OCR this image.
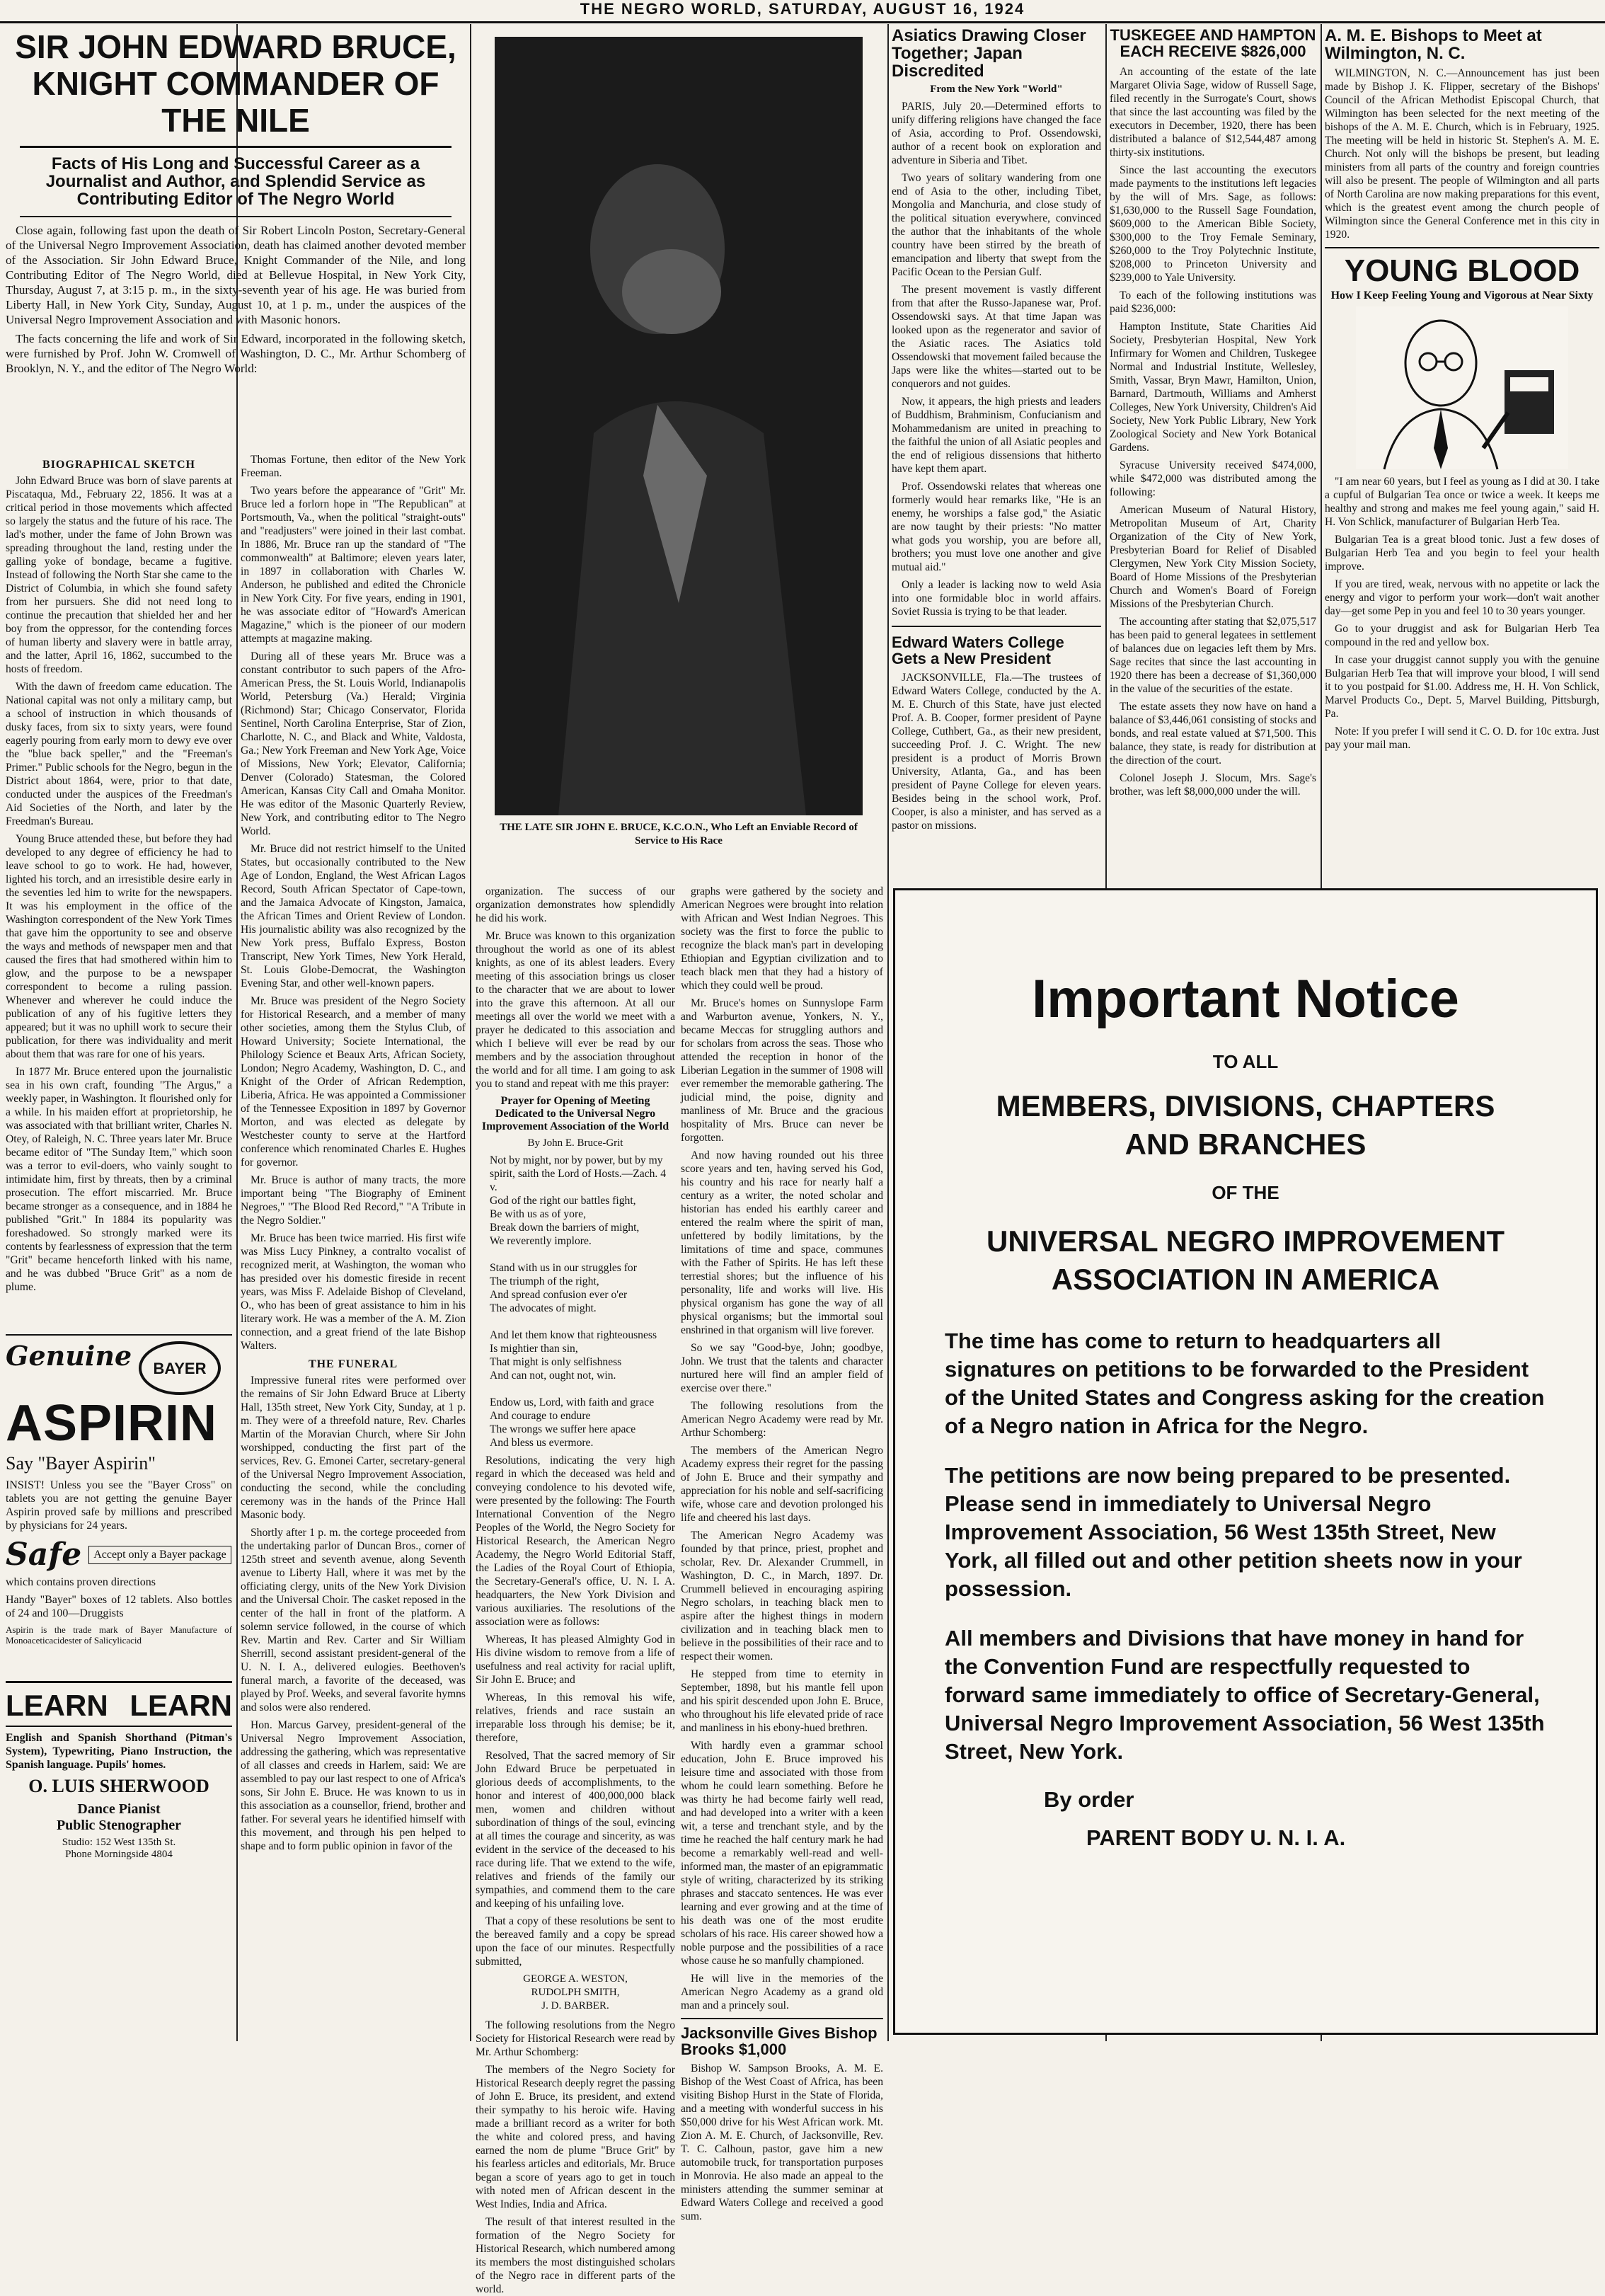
THE NEGRO WORLD, SATURDAY, AUGUST 16, 1924
SIR JOHN EDWARD BRUCE, KNIGHT COMMANDER OF THE NILE
Facts of His Long and Successful Career as a Journalist and Author, and Splendid Service as Contributing Editor of The Negro World

Close again, following fast upon the death of Sir Robert Lincoln Poston, Secretary-General of the Universal Negro Improvement Association, death has claimed another devoted member of the Association. Sir John Edward Bruce, Knight Commander of the Nile, and long Contributing Editor of The Negro World, died at Bellevue Hospital, in New York City, Thursday, August 7, at 3:15 p. m., in the sixty-seventh year of his age. He was buried from Liberty Hall, in New York City, Sunday, August 10, at 1 p. m., under the auspices of the Universal Negro Improvement Association and with Masonic honors.

The facts concerning the life and work of Sir Edward, incorporated in the following sketch, were furnished by Prof. John W. Cromwell of Washington, D. C., Mr. Arthur Schomberg of Brooklyn, N. Y., and the editor of The Negro World:

BIOGRAPHICAL SKETCH

John Edward Bruce was born of slave parents at Piscataqua, Md., February 22, 1856. It was at a critical period in those movements which affected so largely the status and the future of his race. The lad's mother, under the fame of John Brown was spreading throughout the land, resting under the galling yoke of bondage, became a fugitive. Instead of following the North Star she came to the District of Columbia, in which she found safety from her pursuers. She did not need long to continue the precaution that shielded her and her boy from the oppressor, for the contending forces of human liberty and slavery were in battle array, and the latter, April 16, 1862, succumbed to the hosts of freedom.

With the dawn of freedom came education. The National capital was not only a military camp, but a school of instruction in which thousands of dusky faces, from six to sixty years, were found eagerly pouring from early morn to dewy eve over the "blue back speller," and the "Freeman's Primer." Public schools for the Negro, begun in the District about 1864, were, prior to that date, conducted under the auspices of the Freedman's Aid Societies of the North, and later by the Freedman's Bureau.

Young Bruce attended these, but before they had developed to any degree of efficiency he had to leave school to go to work. He had, however, lighted his torch, and an irresistible desire early in the seventies led him to write for the newspapers. It was his employment in the office of the Washington correspondent of the New York Times that gave him the opportunity to see and observe the ways and methods of newspaper men and that caused the fires that had smothered within him to glow, and the purpose to be a newspaper correspondent to become a ruling passion. Whenever and wherever he could induce the publication of any of his fugitive letters they appeared; but it was no uphill work to secure their publication, for there was individuality and merit about them that was rare for one of his years.

In 1877 Mr. Bruce entered upon the journalistic sea in his own craft, founding "The Argus," a weekly paper, in Washington. It flourished only for a while. In his maiden effort at proprietorship, he was associated with that brilliant writer, Charles N. Otey, of Raleigh, N. C. Three years later Mr. Bruce became editor of "The Sunday Item," which soon was a terror to evil-doers, who vainly sought to intimidate him, first by threats, then by a criminal prosecution. The effort miscarried. Mr. Bruce became stronger as a consequence, and in 1884 he published "Grit." In 1884 its popularity was foreshadowed. So strongly marked were its contents by fearlessness of expression that the term "Grit" became henceforth linked with his name, and he was dubbed "Bruce Grit" as a nom de plume.

Genuine BAYER
ASPIRIN
Say "Bayer Aspirin"

INSIST! Unless you see the "Bayer Cross" on tablets you are not getting the genuine Bayer Aspirin proved safe by millions and prescribed by physicians for 24 years.

Safe	Accept only a Bayer package

which contains proven directions

Handy "Bayer" boxes of 12 tablets. Also bottles of 24 and 100—Druggists

Aspirin is the trade mark of Bayer Manufacture of Monoaceticacidester of Salicylicacid

LEARN LEARN

English and Spanish Shorthand (Pitman's System), Typewriting, Piano Instruction, the Spanish language. Pupils' homes.

O. LUIS SHERWOOD
Dance Pianist
Public Stenographer
Studio: 152 West 135th St.
Phone Morningside 4804

Thomas Fortune, then editor of the New York Freeman.

Two years before the appearance of "Grit" Mr. Bruce led a forlorn hope in "The Republican" at Portsmouth, Va., when the political "straight-outs" and "readjusters" were joined in their last combat. In 1886, Mr. Bruce ran up the standard of "The commonwealth" at Baltimore; eleven years later, in 1897 in collaboration with Charles W. Anderson, he published and edited the Chronicle in New York City. For five years, ending in 1901, he was associate editor of "Howard's American Magazine," which is the pioneer of our modern attempts at magazine making.

During all of these years Mr. Bruce was a constant contributor to such papers of the Afro-American Press, the St. Louis World, Indianapolis World, Petersburg (Va.) Herald; Virginia (Richmond) Star; Chicago Conservator, Florida Sentinel, North Carolina Enterprise, Star of Zion, Charlotte, N. C., and Black and White, Valdosta, Ga.; New York Freeman and New York Age, Voice of Missions, New York; Elevator, California; Denver (Colorado) Statesman, the Colored American, Kansas City Call and Omaha Monitor. He was editor of the Masonic Quarterly Review, New York, and contributing editor to The Negro World.

Mr. Bruce did not restrict himself to the United States, but occasionally contributed to the New Age of London, England, the West African Lagos Record, South African Spectator of Cape-town, and the Jamaica Advocate of Kingston, Jamaica, the African Times and Orient Review of London. His journalistic ability was also recognized by the New York press, Buffalo Express, Boston Transcript, New York Times, New York Herald, St. Louis Globe-Democrat, the Washington Evening Star, and other well-known papers.

Mr. Bruce was president of the Negro Society for Historical Research, and a member of many other societies, among them the Stylus Club, of Howard University; Societe International, the Philology Science et Beaux Arts, African Society, London; Negro Academy, Washington, D. C., and Knight of the Order of African Redemption, Liberia, Africa. He was appointed a Commissioner of the Tennessee Exposition in 1897 by Governor Morton, and was elected as delegate by Westchester county to serve at the Hartford conference which renominated Charles E. Hughes for governor.

Mr. Bruce is author of many tracts, the more important being "The Biography of Eminent Negroes," "The Blood Red Record," "A Tribute in the Negro Soldier."

Mr. Bruce has been twice married. His first wife was Miss Lucy Pinkney, a contralto vocalist of recognized merit, at Washington, the woman who has presided over his domestic fireside in recent years, was Miss F. Adelaide Bishop of Cleveland, O., who has been of great assistance to him in his literary work. He was a member of the A. M. Zion connection, and a great friend of the late Bishop Walters.

THE FUNERAL

Impressive funeral rites were performed over the remains of Sir John Edward Bruce at Liberty Hall, 135th street, New York City, Sunday, at 1 p. m. They were of a threefold nature, Rev. Charles Martin of the Moravian Church, where Sir John worshipped, conducting the first part of the services, Rev. G. Emonei Carter, secretary-general of the Universal Negro Improvement Association, conducting the second, while the concluding ceremony was in the hands of the Prince Hall Masonic body.

Shortly after 1 p. m. the cortege proceeded from the undertaking parlor of Duncan Bros., corner of 125th street and seventh avenue, along Seventh avenue to Liberty Hall, where it was met by the officiating clergy, units of the New York Division and the Universal Choir. The casket reposed in the center of the hall in front of the platform. A solemn service followed, in the course of which Rev. Martin and Rev. Carter and Sir William Sherrill, second assistant president-general of the U. N. I. A., delivered eulogies. Beethoven's funeral march, a favorite of the deceased, was played by Prof. Weeks, and several favorite hymns and solos were also rendered.

Hon. Marcus Garvey, president-general of the Universal Negro Improvement Association, addressing the gathering, which was representative of all classes and creeds in Harlem, said: We are assembled to pay our last respect to one of Africa's sons, Sir John E. Bruce. He was known to us in this association as a counsellor, friend, brother and father. For several years he identified himself with this movement, and through his pen helped to shape and to form public opinion in favor of the

THE LATE SIR JOHN E. BRUCE, K.C.O.N., Who Left an Enviable Record of Service to His Race

organization. The success of our organization demonstrates how splendidly he did his work.

Mr. Bruce was known to this organization throughout the world as one of its ablest knights, as one of its ablest leaders. Every meeting of this association brings us closer to the character that we are about to lower into the grave this afternoon. At all our meetings all over the world we meet with a prayer he dedicated to this association and which I believe will ever be read by our members and by the association throughout the world and for all time. I am going to ask you to stand and repeat with me this prayer:

Prayer for Opening of Meeting Dedicated to the Universal Negro Improvement Association of the World
By John E. Bruce-Grit
Not by might, nor by power, but by my spirit, saith the Lord of Hosts.—Zach. 4 v.
God of the right our battles fight,
Be with us as of yore,
Break down the barriers of might,
We reverently implore.

Stand with us in our struggles for
The triumph of the right,
And spread confusion ever o'er
The advocates of might.

And let them know that righteousness
Is mightier than sin,
That might is only selfishness
And can not, ought not, win.

Endow us, Lord, with faith and grace
And courage to endure
The wrongs we suffer here apace
And bless us evermore.

Resolutions, indicating the very high regard in which the deceased was held and conveying condolence to his devoted wife, were presented by the following: The Fourth International Convention of the Negro Peoples of the World, the Negro Society for Historical Research, the American Negro Academy, the Negro World Editorial Staff, the Ladies of the Royal Court of Ethiopia, the Secretary-General's office, U. N. I. A. headquarters, the New York Division and various auxiliaries. The resolutions of the association were as follows:

Whereas, It has pleased Almighty God in His divine wisdom to remove from a life of usefulness and real activity for racial uplift, Sir John E. Bruce; and

Whereas, In this removal his wife, relatives, friends and race sustain an irreparable loss through his demise; be it, therefore,

Resolved, That the sacred memory of Sir John Edward Bruce be perpetuated in glorious deeds of accomplishments, to the honor and interest of 400,000,000 black men, women and children without subordination of things of the soul, evincing at all times the courage and sincerity, as was evident in the service of the deceased to his race during life. That we extend to the wife, relatives and friends of the family our sympathies, and commend them to the care and keeping of his unfailing love.

That a copy of these resolutions be sent to the bereaved family and a copy be spread upon the face of our minutes. Respectfully submitted,

GEORGE A. WESTON,
RUDOLPH SMITH,
J. D. BARBER.

The following resolutions from the Negro Society for Historical Research were read by Mr. Arthur Schomberg:

The members of the Negro Society for Historical Research deeply regret the passing of John E. Bruce, its president, and extend their sympathy to his heroic wife. Having made a brilliant record as a writer for both the white and colored press, and having earned the nom de plume "Bruce Grit" by his fearless articles and editorials, Mr. Bruce began a score of years ago to get in touch with noted men of African descent in the West Indies, India and Africa.

The result of that interest resulted in the formation of the Negro Society for Historical Research, which numbered among its members the most distinguished scholars of the Negro race in different parts of the world.

graphs were gathered by the society and American Negroes were brought into relation with African and West Indian Negroes. This society was the first to force the public to recognize the black man's part in developing Ethiopian and Egyptian civilization and to teach black men that they had a history of which they could well be proud.

Mr. Bruce's homes on Sunnyslope Farm and Warburton avenue, Yonkers, N. Y., became Meccas for struggling authors and for scholars from across the seas. Those who attended the reception in honor of the Liberian Legation in the summer of 1908 will ever remember the memorable gathering. The judicial mind, the poise, dignity and manliness of Mr. Bruce and the gracious hospitality of Mrs. Bruce can never be forgotten.

And now having rounded out his three score years and ten, having served his God, his country and his race for nearly half a century as a writer, the noted scholar and historian has ended his earthly career and entered the realm where the spirit of man, unfettered by bodily limitations, by the limitations of time and space, communes with the Father of Spirits. He has left these terrestial shores; but the influence of his personality, life and works will live. His physical organism has gone the way of all physical organisms; but the immortal soul enshrined in that organism will live forever.

So we say "Good-bye, John; goodbye, John. We trust that the talents and character nurtured here will find an ampler field of exercise over there."

The following resolutions from the American Negro Academy were read by Mr. Arthur Schomberg:

The members of the American Negro Academy express their regret for the passing of John E. Bruce and their sympathy and appreciation for his noble and self-sacrificing wife, whose care and devotion prolonged his life and cheered his last days.

The American Negro Academy was founded by that prince, priest, prophet and scholar, Rev. Dr. Alexander Crummell, in Washington, D. C., in March, 1897. Dr. Crummell believed in encouraging aspiring Negro scholars, in teaching black men to aspire after the highest things in modern civilization and in teaching black men to believe in the possibilities of their race and to respect their women.

He stepped from time to eternity in September, 1898, but his mantle fell upon and his spirit descended upon John E. Bruce, who throughout his life elevated pride of race and manliness in his ebony-hued brethren.

With hardly even a grammar school education, John E. Bruce improved his leisure time and associated with those from whom he could learn something. Before he was thirty he had become fairly well read, and had developed into a writer with a keen wit, a terse and trenchant style, and by the time he reached the half century mark he had become a remarkably well-read and well-informed man, the master of an epigrammatic style of writing, characterized by its striking phrases and staccato sentences. He was ever learning and ever growing and at the time of his death was one of the most erudite scholars of his race. His career showed how a noble purpose and the possibilities of a race whose cause he so manfully championed.

He will live in the memories of the American Negro Academy as a grand old man and a princely soul.

Jacksonville Gives Bishop Brooks $1,000

Bishop W. Sampson Brooks, A. M. E. Bishop of the West Coast of Africa, has been visiting Bishop Hurst in the State of Florida, and a meeting with wonderful success in his $50,000 drive for his West African work. Mt. Zion A. M. E. Church, of Jacksonville, Rev. T. C. Calhoun, pastor, gave him a new automobile truck, for transportation purposes in Monrovia. He also made an appeal to the ministers attending the summer seminar at Edward Waters College and received a good sum.

Asiatics Drawing Closer Together; Japan Discredited
From the New York "World"

PARIS, July 20.—Determined efforts to unify differing religions have changed the face of Asia, according to Prof. Ossendowski, author of a recent book on exploration and adventure in Siberia and Tibet.

Two years of solitary wandering from one end of Asia to the other, including Tibet, Mongolia and Manchuria, and close study of the political situation everywhere, convinced the author that the inhabitants of the whole country have been stirred by the breath of emancipation and liberty that swept from the Pacific Ocean to the Persian Gulf.

The present movement is vastly different from that after the Russo-Japanese war, Prof. Ossendowski says. At that time Japan was looked upon as the regenerator and savior of the Asiatic races. The Asiatics told Ossendowski that movement failed because the Japs were like the whites—started out to be conquerors and not guides.

Now, it appears, the high priests and leaders of Buddhism, Brahminism, Confucianism and Mohammedanism are united in preaching to the faithful the union of all Asiatic peoples and the end of religious dissensions that hitherto have kept them apart.

Prof. Ossendowski relates that whereas one formerly would hear remarks like, "He is an enemy, he worships a false god," the Asiatic are now taught by their priests: "No matter what gods you worship, you are before all, brothers; you must love one another and give mutual aid."

Only a leader is lacking now to weld Asia into one formidable bloc in world affairs. Soviet Russia is trying to be that leader.

Edward Waters College Gets a New President

JACKSONVILLE, Fla.—The trustees of Edward Waters College, conducted by the A. M. E. Church of this State, have just elected Prof. A. B. Cooper, former president of Payne College, Cuthbert, Ga., as their new president, succeeding Prof. J. C. Wright. The new president is a product of Morris Brown University, Atlanta, Ga., and has been president of Payne College for eleven years. Besides being in the school work, Prof. Cooper, is also a minister, and has served as a pastor on missions.

TUSKEGEE AND HAMPTON EACH RECEIVE $826,000

An accounting of the estate of the late Margaret Olivia Sage, widow of Russell Sage, filed recently in the Surrogate's Court, shows that since the last accounting was filed by the executors in December, 1920, there has been distributed a balance of $12,544,487 among thirty-six institutions.

Since the last accounting the executors made payments to the institutions left legacies by the will of Mrs. Sage, as follows: $1,630,000 to the Russell Sage Foundation, $609,000 to the American Bible Society, $300,000 to the Troy Female Seminary, $260,000 to the Troy Polytechnic Institute, $208,000 to Princeton University and $239,000 to Yale University.

To each of the following institutions was paid $236,000:

Hampton Institute, State Charities Aid Society, Presbyterian Hospital, New York Infirmary for Women and Children, Tuskegee Normal and Industrial Institute, Wellesley, Smith, Vassar, Bryn Mawr, Hamilton, Union, Barnard, Dartmouth, Williams and Amherst Colleges, New York University, Children's Aid Society, New York Public Library, New York Zoological Society and New York Botanical Gardens.

Syracuse University received $474,000, while $472,000 was distributed among the following:

American Museum of Natural History, Metropolitan Museum of Art, Charity Organization of the City of New York, Presbyterian Board for Relief of Disabled Clergymen, New York City Mission Society, Board of Home Missions of the Presbyterian Church and Women's Board of Foreign Missions of the Presbyterian Church.

The accounting after stating that $2,075,517 has been paid to general legatees in settlement of balances due on legacies left them by Mrs. Sage recites that since the last accounting in 1920 there has been a decrease of $1,360,000 in the value of the securities of the estate.

The estate assets they now have on hand a balance of $3,446,061 consisting of stocks and bonds, and real estate valued at $71,500. This balance, they state, is ready for distribution at the direction of the court.

Colonel Joseph J. Slocum, Mrs. Sage's brother, was left $8,000,000 under the will.

A. M. E. Bishops to Meet at Wilmington, N. C.

WILMINGTON, N. C.—Announcement has just been made by Bishop J. K. Flipper, secretary of the Bishops' Council of the African Methodist Episcopal Church, that Wilmington has been selected for the next meeting of the bishops of the A. M. E. Church, which is in February, 1925. The meeting will be held in historic St. Stephen's A. M. E. Church. Not only will the bishops be present, but leading ministers from all parts of the country and foreign countries will also be present. The people of Wilmington and all parts of North Carolina are now making preparations for this event, which is the greatest event among the church people of Wilmington since the General Conference met in this city in 1920.

YOUNG BLOOD
How I Keep Feeling Young and Vigorous at Near Sixty

"I am near 60 years, but I feel as young as I did at 30. I take a cupful of Bulgarian Tea once or twice a week. It keeps me healthy and strong and makes me feel young again," said H. H. Von Schlick, manufacturer of Bulgarian Herb Tea.

Bulgarian Tea is a great blood tonic. Just a few doses of Bulgarian Herb Tea and you begin to feel your health improve.

If you are tired, weak, nervous with no appetite or lack the energy and vigor to perform your work—don't wait another day—get some Pep in you and feel 10 to 30 years younger.

Go to your druggist and ask for Bulgarian Herb Tea compound in the red and yellow box.

In case your druggist cannot supply you with the genuine Bulgarian Herb Tea that will improve your blood, I will send it to you postpaid for $1.00. Address me, H. H. Von Schlick, Marvel Products Co., Dept. 5, Marvel Building, Pittsburgh, Pa.

Note: If you prefer I will send it C. O. D. for 10c extra. Just pay your mail man.

Important Notice
TO ALL
MEMBERS, DIVISIONS, CHAPTERS AND BRANCHES
OF THE
UNIVERSAL NEGRO IMPROVEMENT ASSOCIATION IN AMERICA

The time has come to return to headquarters all signatures on petitions to be forwarded to the President of the United States and Congress asking for the creation of a Negro nation in Africa for the Negro.

The petitions are now being prepared to be presented. Please send in immediately to Universal Negro Improvement Association, 56 West 135th Street, New York, all filled out and other petition sheets now in your possession.

All members and Divisions that have money in hand for the Convention Fund are respectfully requested to forward same immediately to office of Secretary-General, Universal Negro Improvement Association, 56 West 135th Street, New York.

By order
PARENT BODY U. N. I. A.
